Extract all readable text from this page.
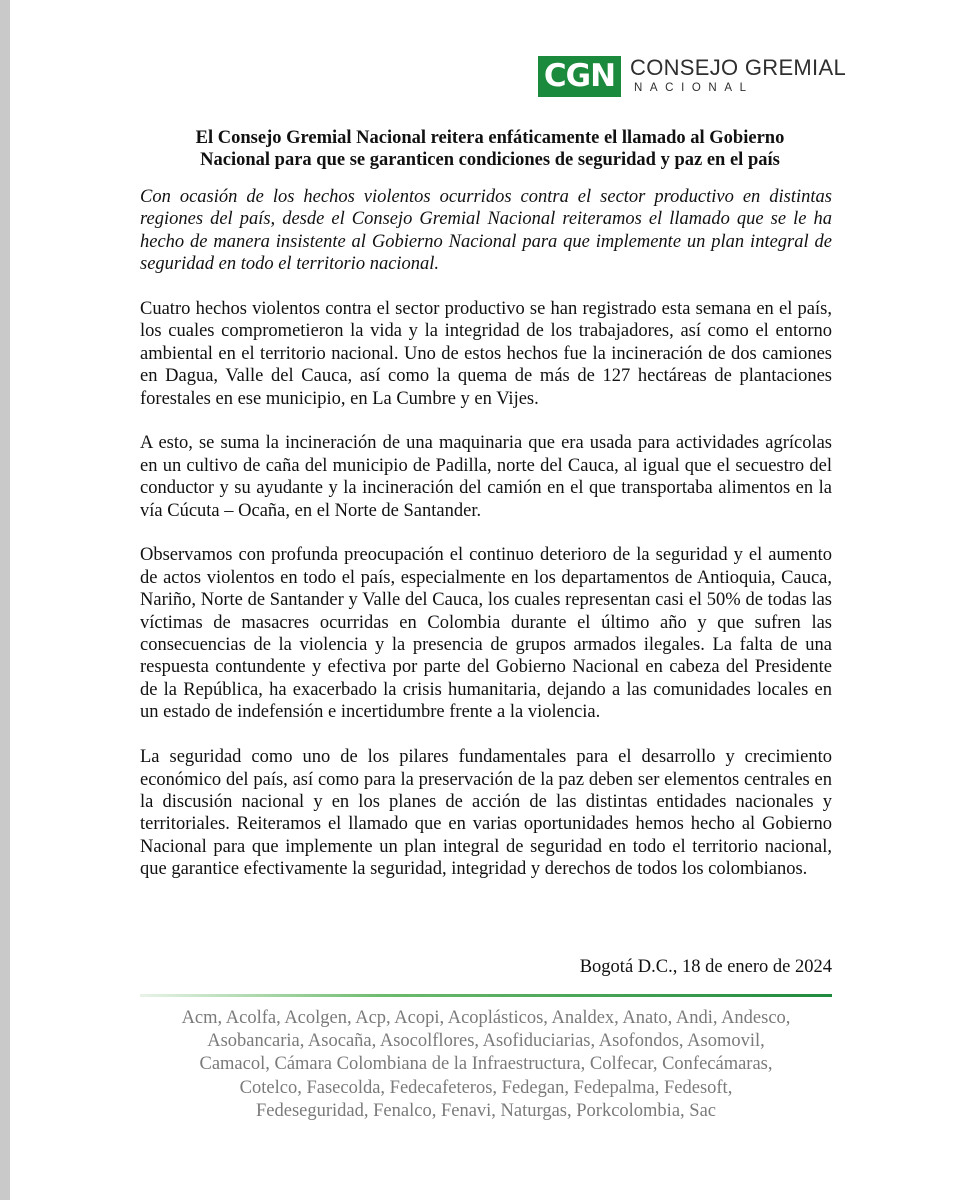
CGN CONSEJO GREMIAL
NACIONAL
El Consejo Gremial Nacional reitera enfáticamente el llamado al Gobierno
Nacional para que se garanticen condiciones de seguridad y paz en el país

Con ocasión de los hechos violentos ocurridos contra el sector productivo en distintas regiones del país, desde el Consejo Gremial Nacional reiteramos el llamado que se le ha hecho de manera insistente al Gobierno Nacional para que implemente un plan integral de seguridad en todo el territorio nacional.

Cuatro hechos violentos contra el sector productivo se han registrado esta semana en el país, los cuales comprometieron la vida y la integridad de los trabajadores, así como el entorno ambiental en el territorio nacional. Uno de estos hechos fue la incineración de dos camiones en Dagua, Valle del Cauca, así como la quema de más de 127 hectáreas de plantaciones forestales en ese municipio, en La Cumbre y en Vijes.

A esto, se suma la incineración de una maquinaria que era usada para actividades agrícolas en un cultivo de caña del municipio de Padilla, norte del Cauca, al igual que el secuestro del conductor y su ayudante y la incineración del camión en el que transportaba alimentos en la vía Cúcuta – Ocaña, en el Norte de Santander.

Observamos con profunda preocupación el continuo deterioro de la seguridad y el aumento de actos violentos en todo el país, especialmente en los departamentos de Antioquia, Cauca, Nariño, Norte de Santander y Valle del Cauca, los cuales representan casi el 50% de todas las víctimas de masacres ocurridas en Colombia durante el último año y que sufren las consecuencias de la violencia y la presencia de grupos armados ilegales. La falta de una respuesta contundente y efectiva por parte del Gobierno Nacional en cabeza del Presidente de la República, ha exacerbado la crisis humanitaria, dejando a las comunidades locales en un estado de indefensión e incertidumbre frente a la violencia.

La seguridad como uno de los pilares fundamentales para el desarrollo y crecimiento económico del país, así como para la preservación de la paz deben ser elementos centrales en la discusión nacional y en los planes de acción de las distintas entidades nacionales y territoriales. Reiteramos el llamado que en varias oportunidades hemos hecho al Gobierno Nacional para que implemente un plan integral de seguridad en todo el territorio nacional, que garantice efectivamente la seguridad, integridad y derechos de todos los colombianos.

Bogotá D.C., 18 de enero de 2024
Acm, Acolfa, Acolgen, Acp, Acopi, Acoplásticos, Analdex, Anato, Andi, Andesco,
Asobancaria, Asocaña, Asocolflores, Asofiduciarias, Asofondos, Asomovil,
Camacol, Cámara Colombiana de la Infraestructura, Colfecar, Confecámaras,
Cotelco, Fasecolda, Fedecafeteros, Fedegan, Fedepalma, Fedesoft,
Fedeseguridad, Fenalco, Fenavi, Naturgas, Porkcolombia, Sac
